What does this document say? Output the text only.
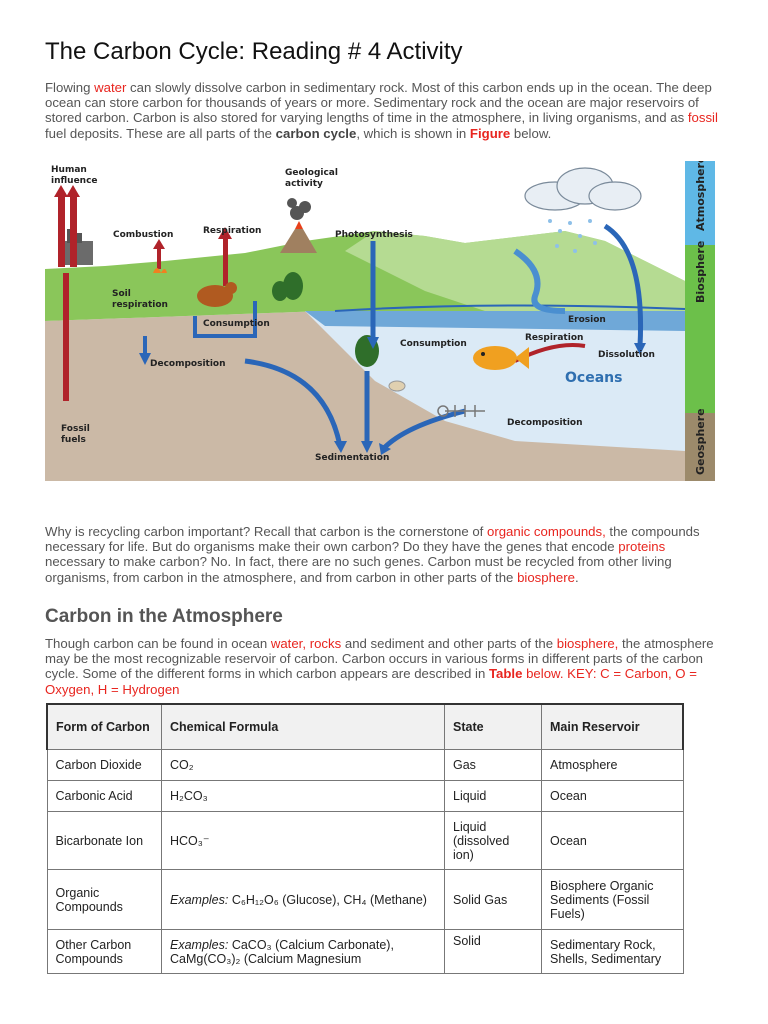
The Carbon Cycle: Reading # 4 Activity
Flowing water can slowly dissolve carbon in sedimentary rock. Most of this carbon ends up in the ocean. The deep ocean can store carbon for thousands of years or more. Sedimentary rock and the ocean are major reservoirs of stored carbon. Carbon is also stored for varying lengths of time in the atmosphere, in living organisms, and as fossil fuel deposits. These are all parts of the carbon cycle, which is shown in Figure below.
Human
influence
Geological
activity
Combustion	Respiration	Photosynthesis
Soil
respiration
Consumption
Decomposition
Fossil
fuels
Sedimentation
Erosion
Consumption
Respiration
Dissolution
Oceans
Decomposition
Atmosphere
Biosphere
Geosphere
Why is recycling carbon important? Recall that carbon is the cornerstone of organic compounds, the compounds necessary for life. But do organisms make their own carbon? Do they have the genes that encode proteins necessary to make carbon? No. In fact, there are no such genes. Carbon must be recycled from other living organisms, from carbon in the atmosphere, and from carbon in other parts of the biosphere.
Carbon in the Atmosphere
Though carbon can be found in ocean water, rocks and sediment and other parts of the biosphere, the atmosphere may be the most recognizable reservoir of carbon. Carbon occurs in various forms in different parts of the carbon cycle. Some of the different forms in which carbon appears are described in Table below. KEY: C = Carbon, O = Oxygen, H = Hydrogen
Form of Carbon	Chemical Formula	State	Main Reservoir
Carbon Dioxide	CO₂	Gas	Atmosphere
Carbonic Acid	H₂CO₃	Liquid	Ocean
Bicarbonate Ion	HCO₃⁻	Liquid (dissolved ion)	Ocean
Organic Compounds	Examples: C₆H₁₂O₆ (Glucose), CH₄ (Methane)	Solid Gas	Biosphere Organic Sediments (Fossil Fuels)
Other Carbon Compounds	Examples: CaCO₃ (Calcium Carbonate), CaMg(CO₃)₂ (Calcium Magnesium	Solid	Sedimentary Rock, Shells, Sedimentary
